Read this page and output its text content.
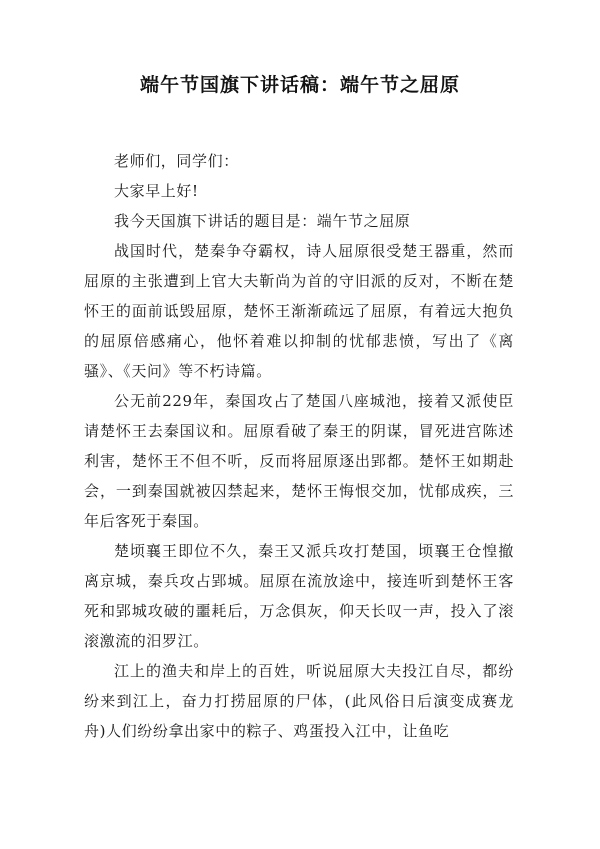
端午节国旗下讲话稿：端午节之屈原

老师们，同学们：

大家早上好!

我今天国旗下讲话的题目是：端午节之屈原

战国时代，楚秦争夺霸权，诗人屈原很受楚王器重，然而屈原的主张遭到上官大夫靳尚为首的守旧派的反对，不断在楚怀王的面前诋毁屈原，楚怀王渐渐疏远了屈原，有着远大抱负的屈原倍感痛心，他怀着难以抑制的忧郁悲愤，写出了《离骚》、《天问》等不朽诗篇。

公无前229年，秦国攻占了楚国八座城池，接着又派使臣请楚怀王去秦国议和。屈原看破了秦王的阴谋，冒死进宫陈述利害，楚怀王不但不听，反而将屈原逐出郢都。楚怀王如期赴会，一到秦国就被囚禁起来，楚怀王悔恨交加，忧郁成疾，三年后客死于秦国。

楚顷襄王即位不久，秦王又派兵攻打楚国，顷襄王仓惶撤离京城，秦兵攻占郢城。屈原在流放途中，接连听到楚怀王客死和郢城攻破的噩耗后，万念俱灰，仰天长叹一声，投入了滚滚激流的汨罗江。

江上的渔夫和岸上的百姓，听说屈原大夫投江自尽，都纷纷来到江上，奋力打捞屈原的尸体，(此风俗日后演变成赛龙舟)人们纷纷拿出家中的粽子、鸡蛋投入江中，让鱼吃
